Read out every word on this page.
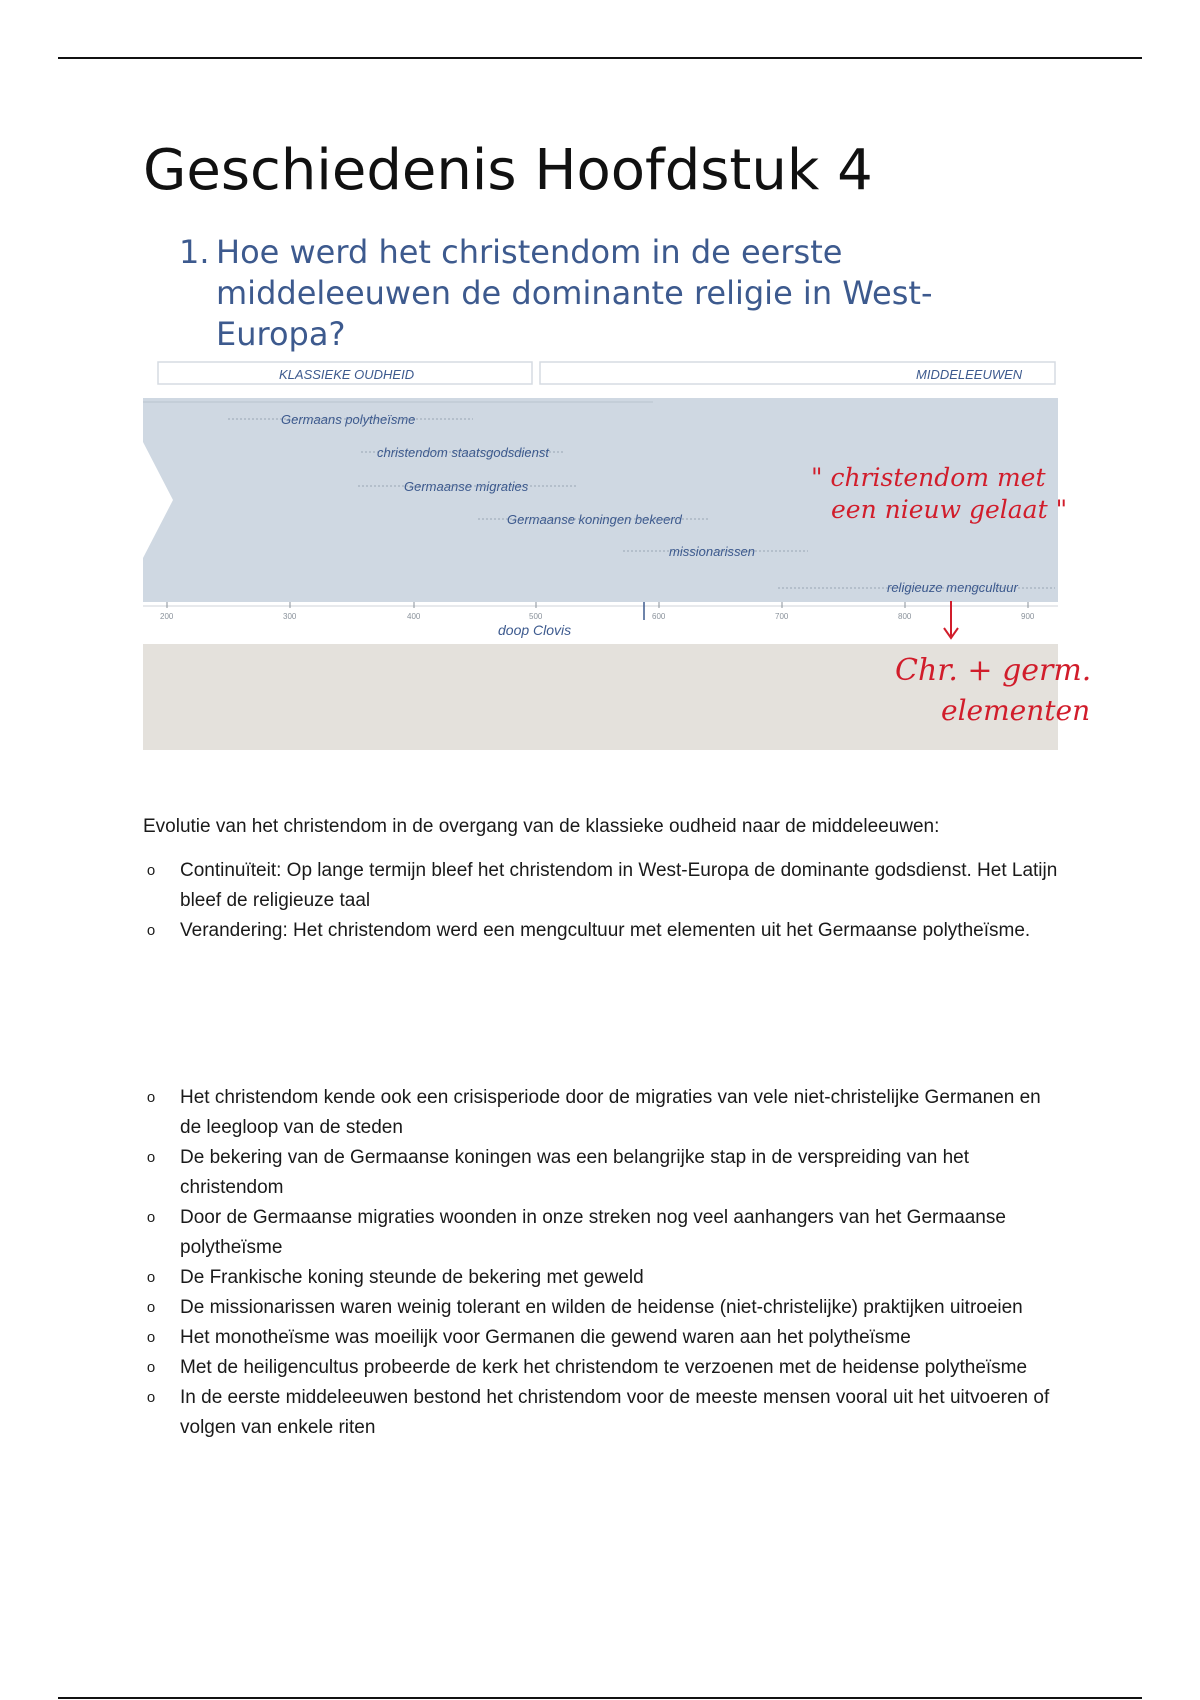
Geschiedenis Hoofdstuk 4
1. Hoe werd het christendom in de eerste middeleeuwen de dominante religie in West-Europa?
KLASSIEKE OUDHEID	MIDDELEEUWEN
Germaans polytheïsme
christendom staatsgodsdienst
Germaanse migraties
Germaanse koningen bekeerd
missionarissen
religieuze mengcultuur
200	300	400	500	600	700	800	900
doop Clovis
" christendom met
een nieuw gelaat "
Chr. + germ.
elementen

Evolutie van het christendom in de overgang van de klassieke oudheid naar de middeleeuwen:

o Continuïteit: Op lange termijn bleef het christendom in West-Europa de dominante godsdienst. Het Latijn bleef de religieuze taal
o Verandering: Het christendom werd een mengcultuur met elementen uit het Germaanse polytheïsme.
o Het christendom kende ook een crisisperiode door de migraties van vele niet-christelijke Germanen en de leegloop van de steden
o De bekering van de Germaanse koningen was een belangrijke stap in de verspreiding van het christendom
o Door de Germaanse migraties woonden in onze streken nog veel aanhangers van het Germaanse polytheïsme
o De Frankische koning steunde de bekering met geweld
o De missionarissen waren weinig tolerant en wilden de heidense (niet-christelijke) praktijken uitroeien
o Het monotheïsme was moeilijk voor Germanen die gewend waren aan het polytheïsme
o Met de heiligencultus probeerde de kerk het christendom te verzoenen met de heidense polytheïsme
o In de eerste middeleeuwen bestond het christendom voor de meeste mensen vooral uit het uitvoeren of volgen van enkele riten
